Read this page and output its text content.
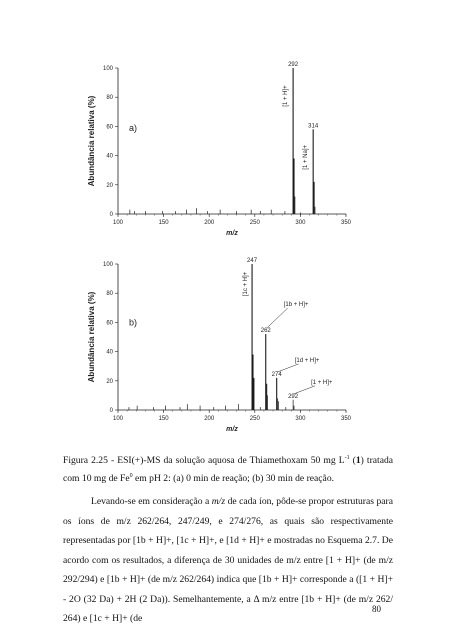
100	150	200	250	300	350
0
20
40
60
80
100
Abundância relativa (%)
m/z
a)
292
314
[1 + H]+
[1 + Na]+
100	150	200	250	300	350
0
20
40
60
80
100
Abundância relativa (%)
m/z
b)
247
262
274
292
[1c + H]+
[1b + H]+
[1d + H]+
[1 + H]+
Figura 2.25 - ESI(+)-MS da solução aquosa de Thiamethoxam 50 mg $L^{-1}$ (1) tratada com 10 mg de Fe$^0$ em pH 2: (a) 0 min de reação; (b) 30 min de reação.
Levando-se em consideração a m/z de cada íon, pôde-se propor estruturas para os íons de m/z 262/264, 247/249, e 274/276, as quais são respectivamente representadas por [1b + H]+, [1c + H]+, e [1d + H]+ e mostradas no Esquema 2.7. De acordo com os resultados, a diferença de 30 unidades de m/z entre [1 + H]+ (de m/z 292/294) e [1b + H]+ (de m/z 262/264) indica que [1b + H]+ corresponde a ([1 + H]+ - 2O (32 Da) + 2H (2 Da)). Semelhantemente, a Δ m/z entre [1b + H]+ (de m/z 262/ 264) e [1c + H]+ (de
80
